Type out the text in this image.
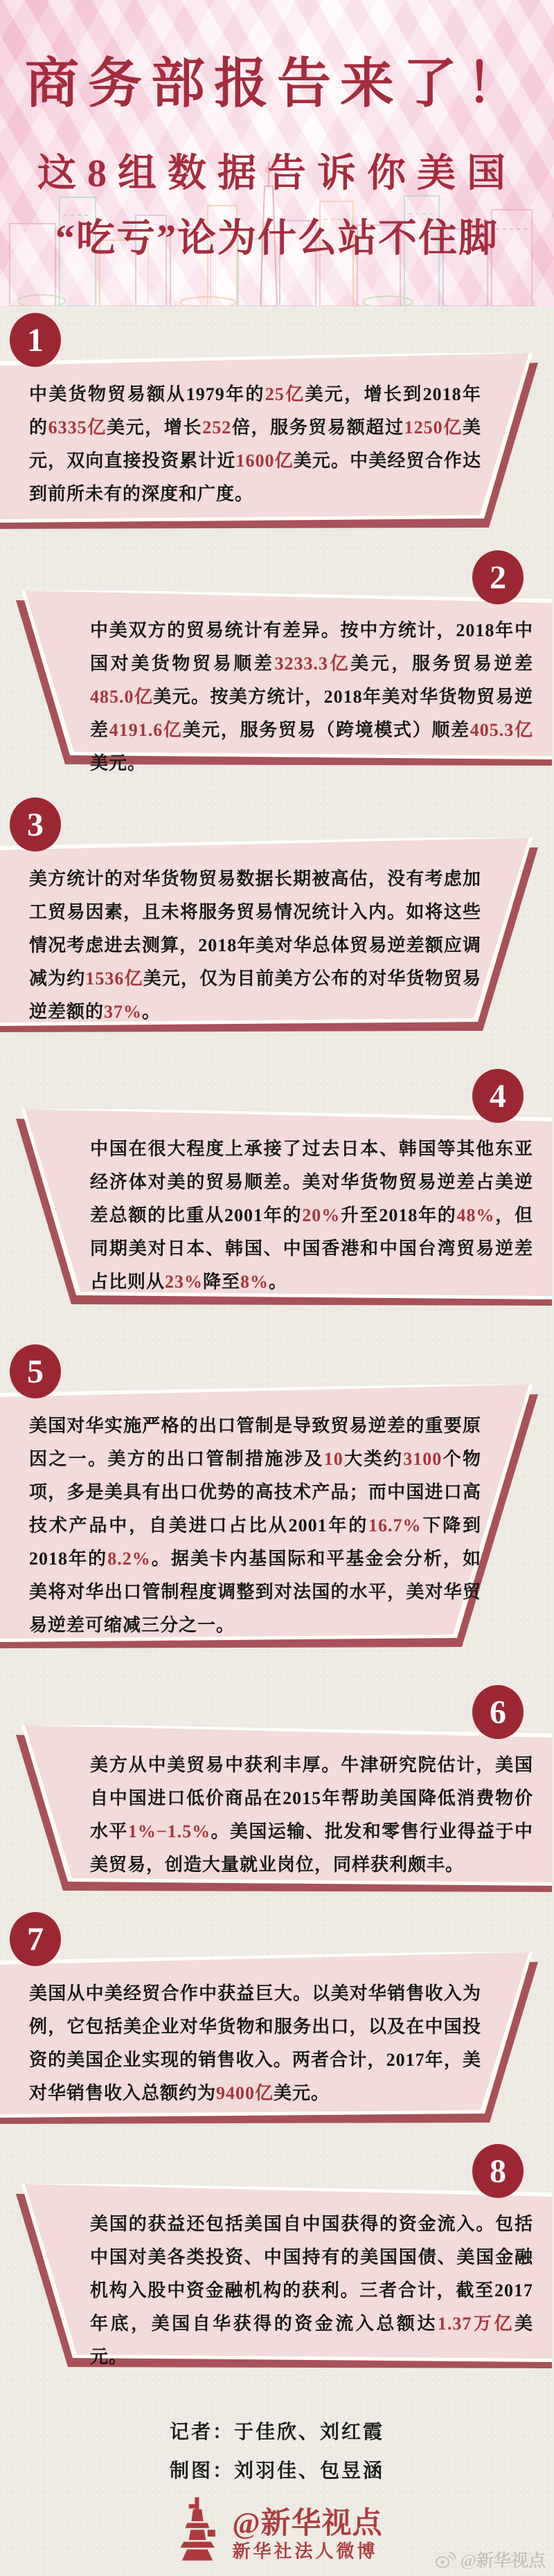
商务部报告来了！
这8组数据告诉你美国
“吃亏”论为什么站不住脚
1

中美货物贸易额从1979年的25亿美元，增长到2018年的6335亿美元，增长252倍，服务贸易额超过1250亿美元，双向直接投资累计近1600亿美元。中美经贸合作达到前所未有的深度和广度。

2

中美双方的贸易统计有差异。按中方统计，2018年中国对美货物贸易顺差3233.3亿美元，服务贸易逆差485.0亿美元。按美方统计，2018年美对华货物贸易逆差4191.6亿美元，服务贸易（跨境模式）顺差405.3亿美元。

3

美方统计的对华货物贸易数据长期被高估，没有考虑加工贸易因素，且未将服务贸易情况统计入内。如将这些情况考虑进去测算，2018年美对华总体贸易逆差额应调减为约1536亿美元，仅为目前美方公布的对华货物贸易逆差额的37%。

4

中国在很大程度上承接了过去日本、韩国等其他东亚经济体对美的贸易顺差。美对华货物贸易逆差占美逆差总额的比重从2001年的20%升至2018年的48%，但同期美对日本、韩国、中国香港和中国台湾贸易逆差占比则从23%降至8%。

5

美国对华实施严格的出口管制是导致贸易逆差的重要原因之一。美方的出口管制措施涉及10大类约3100个物项，多是美具有出口优势的高技术产品；而中国进口高技术产品中，自美进口占比从2001年的16.7%下降到2018年的8.2%。据美卡内基国际和平基金会分析，如美将对华出口管制程度调整到对法国的水平，美对华贸易逆差可缩减三分之一。

6

美方从中美贸易中获利丰厚。牛津研究院估计，美国自中国进口低价商品在2015年帮助美国降低消费物价水平1%−1.5%。美国运输、批发和零售行业得益于中美贸易，创造大量就业岗位，同样获利颇丰。

7

美国从中美经贸合作中获益巨大。以美对华销售收入为例，它包括美企业对华货物和服务出口，以及在中国投资的美国企业实现的销售收入。两者合计，2017年，美对华销售收入总额约为9400亿美元。

8

美国的获益还包括美国自中国获得的资金流入。包括中国对美各类投资、中国持有的美国国债、美国金融机构入股中资金融机构的获利。三者合计，截至2017年底，美国自华获得的资金流入总额达1.37万亿美元。

记者：于佳欣、刘红霞
制图：刘羽佳、包昱涵
@新华视点
新华社法人微博	@新华视点
